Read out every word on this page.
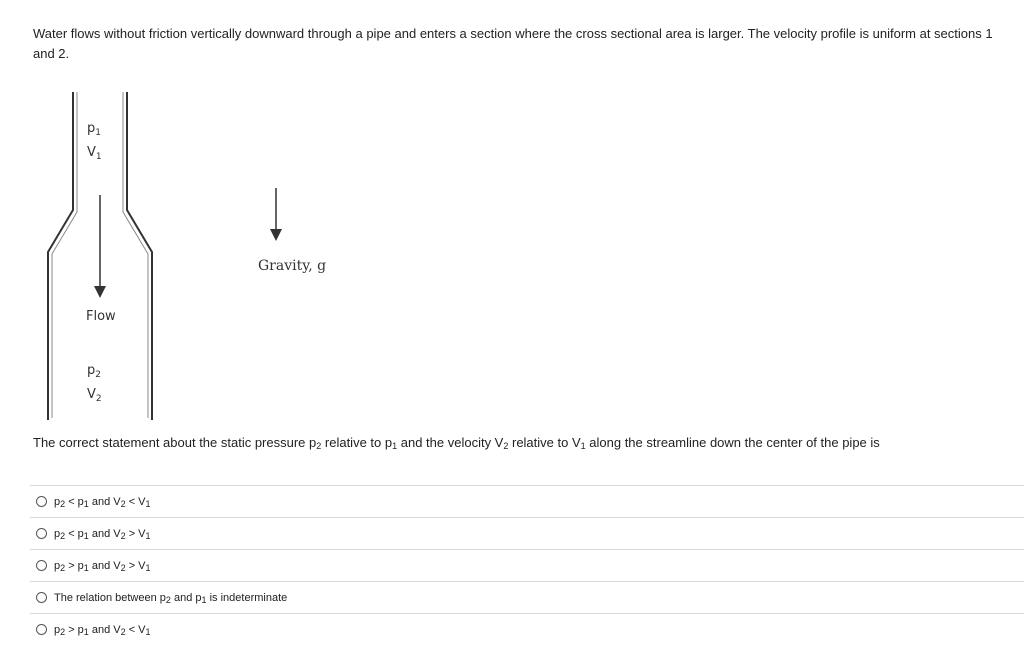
Water flows without friction vertically downward through a pipe and enters a section where the cross sectional area is larger. The velocity profile is uniform at sections 1 and 2.
$p_1$
$V_1$
Flow
$p_2$
$V_2$
Gravity, g
The correct statement about the static pressure $p_2$ relative to $p_1$ and the velocity $V_2$ relative to $V_1$ along the streamline down the center of the pipe is
$p_2 < p_1$ and $V_2 < V_1$
$p_2 < p_1$ and $V_2 > V_1$
$p_2 > p_1$ and $V_2 > V_1$
The relation between $p_2$ and $p_1$ is indeterminate
$p_2 > p_1$ and $V_2 < V_1$
